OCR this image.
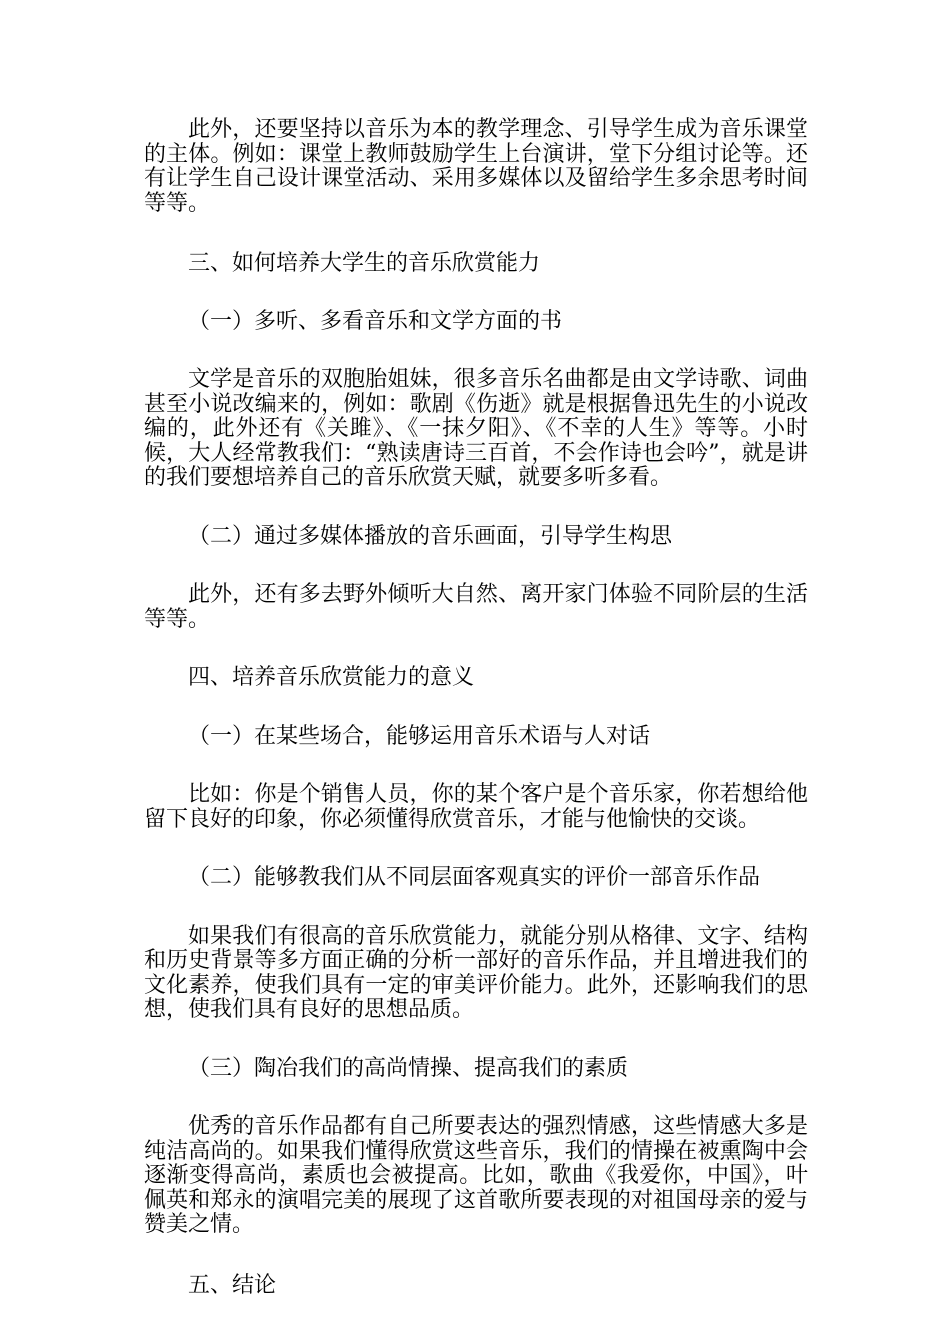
此外，还要坚持以音乐为本的教学理念、引导学生成为音乐课堂的主体。例如：课堂上教师鼓励学生上台演讲，堂下分组讨论等。还有让学生自己设计课堂活动、采用多媒体以及留给学生多余思考时间等等。

三、如何培养大学生的音乐欣赏能力

（一）多听、多看音乐和文学方面的书

文学是音乐的双胞胎姐妹，很多音乐名曲都是由文学诗歌、词曲甚至小说改编来的，例如：歌剧《伤逝》就是根据鲁迅先生的小说改编的，此外还有《关雎》、《一抹夕阳》、《不幸的人生》等等。小时候，大人经常教我们：“熟读唐诗三百首，不会作诗也会吟”，就是讲的我们要想培养自己的音乐欣赏天赋，就要多听多看。

（二）通过多媒体播放的音乐画面，引导学生构思

此外，还有多去野外倾听大自然、离开家门体验不同阶层的生活等等。

四、培养音乐欣赏能力的意义

（一）在某些场合，能够运用音乐术语与人对话

比如：你是个销售人员，你的某个客户是个音乐家，你若想给他留下良好的印象，你必须懂得欣赏音乐，才能与他愉快的交谈。

（二）能够教我们从不同层面客观真实的评价一部音乐作品

如果我们有很高的音乐欣赏能力，就能分别从格律、文字、结构和历史背景等多方面正确的分析一部好的音乐作品，并且增进我们的文化素养，使我们具有一定的审美评价能力。此外，还影响我们的思想，使我们具有良好的思想品质。

（三）陶冶我们的高尚情操、提高我们的素质

优秀的音乐作品都有自己所要表达的强烈情感，这些情感大多是纯洁高尚的。如果我们懂得欣赏这些音乐，我们的情操在被熏陶中会逐渐变得高尚，素质也会被提高。比如，歌曲《我爱你，中国》，叶佩英和郑永的演唱完美的展现了这首歌所要表现的对祖国母亲的爱与赞美之情。

五、结论
